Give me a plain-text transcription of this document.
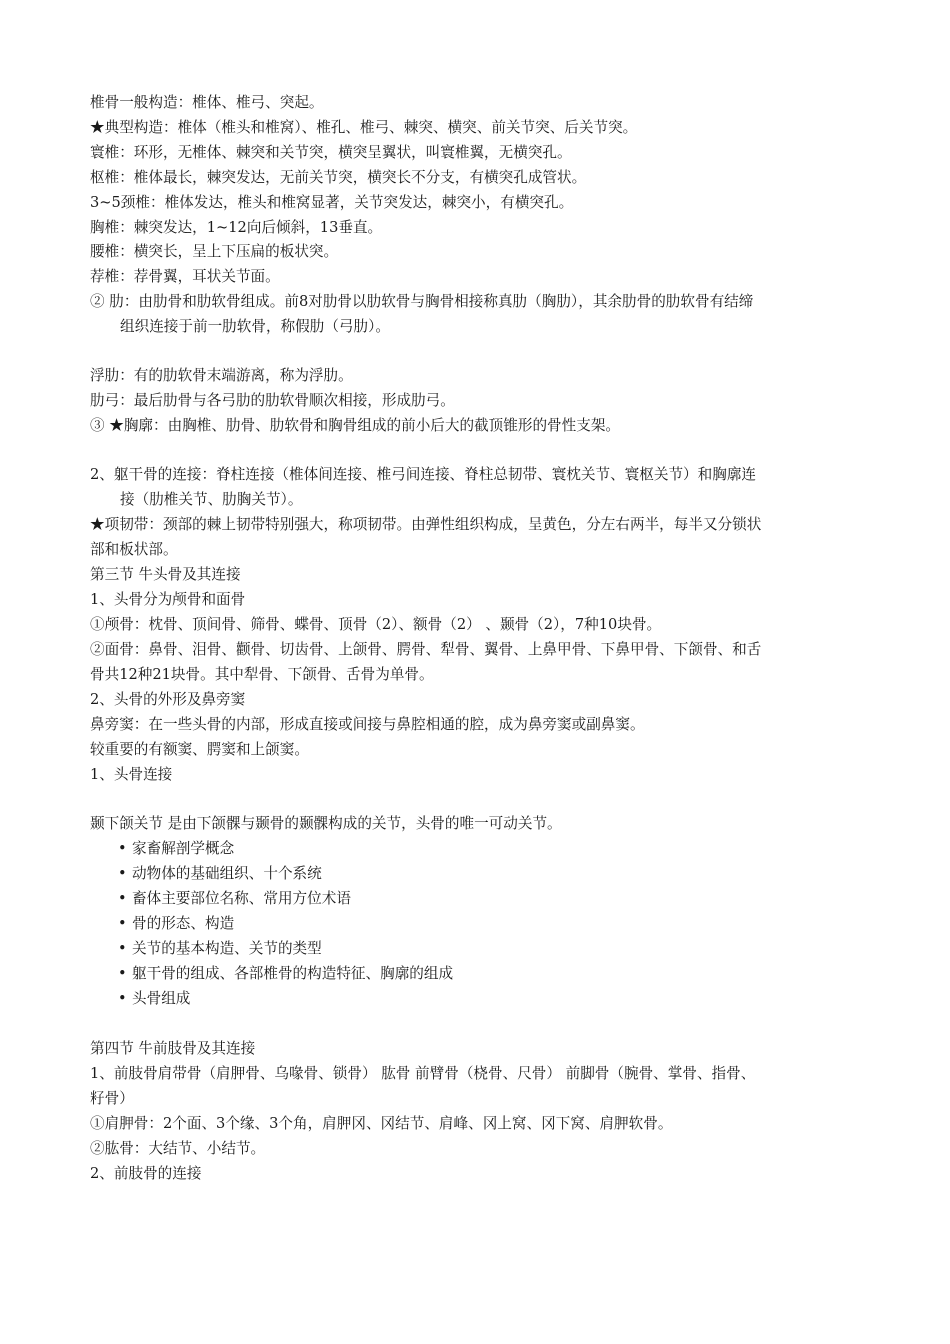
椎骨一般构造：椎体、椎弓、突起。
★典型构造：椎体（椎头和椎窝）、椎孔、椎弓、棘突、横突、前关节突、后关节突。
寰椎：环形，无椎体、棘突和关节突，横突呈翼状，叫寰椎翼，无横突孔。
枢椎：椎体最长，棘突发达，无前关节突，横突长不分支，有横突孔成管状。
3~5颈椎：椎体发达，椎头和椎窝显著，关节突发达，棘突小，有横突孔。
胸椎：棘突发达，1~12向后倾斜，13垂直。
腰椎：横突长，呈上下压扁的板状突。
荐椎：荐骨翼，耳状关节面。
② 肋：由肋骨和肋软骨组成。前8对肋骨以肋软骨与胸骨相接称真肋（胸肋），其余肋骨的肋软骨有结缔
组织连接于前一肋软骨，称假肋（弓肋）。
浮肋：有的肋软骨末端游离，称为浮肋。
肋弓：最后肋骨与各弓肋的肋软骨顺次相接，形成肋弓。
③ ★胸廓：由胸椎、肋骨、肋软骨和胸骨组成的前小后大的截顶锥形的骨性支架。
2、躯干骨的连接：脊柱连接（椎体间连接、椎弓间连接、脊柱总韧带、寰枕关节、寰枢关节）和胸廓连
接（肋椎关节、肋胸关节）。
★项韧带：颈部的棘上韧带特别强大，称项韧带。由弹性组织构成，呈黄色，分左右两半，每半又分锁状
部和板状部。
第三节 牛头骨及其连接
1、头骨分为颅骨和面骨
①颅骨：枕骨、顶间骨、筛骨、蝶骨、顶骨（2）、额骨（2） 、颞骨（2），7种10块骨。
②面骨：鼻骨、泪骨、颧骨、切齿骨、上颌骨、腭骨、犁骨、翼骨、上鼻甲骨、下鼻甲骨、下颌骨、和舌
骨共12种21块骨。其中犁骨、下颌骨、舌骨为单骨。
2、头骨的外形及鼻旁窦
鼻旁窦：在一些头骨的内部，形成直接或间接与鼻腔相通的腔，成为鼻旁窦或副鼻窦。
较重要的有额窦、腭窦和上颌窦。
1、头骨连接
颞下颌关节 是由下颌髁与颞骨的颞髁构成的关节，头骨的唯一可动关节。
• 家畜解剖学概念
• 动物体的基础组织、十个系统
• 畜体主要部位名称、常用方位术语
• 骨的形态、构造
• 关节的基本构造、关节的类型
• 躯干骨的组成、各部椎骨的构造特征、胸廓的组成
• 头骨组成
第四节 牛前肢骨及其连接
1、前肢骨肩带骨（肩胛骨、乌喙骨、锁骨） 肱骨 前臂骨（桡骨、尺骨） 前脚骨（腕骨、掌骨、指骨、
籽骨）
①肩胛骨：2个面、3个缘、3个角，肩胛冈、冈结节、肩峰、冈上窝、冈下窝、肩胛软骨。
②肱骨：大结节、小结节。
2、前肢骨的连接
